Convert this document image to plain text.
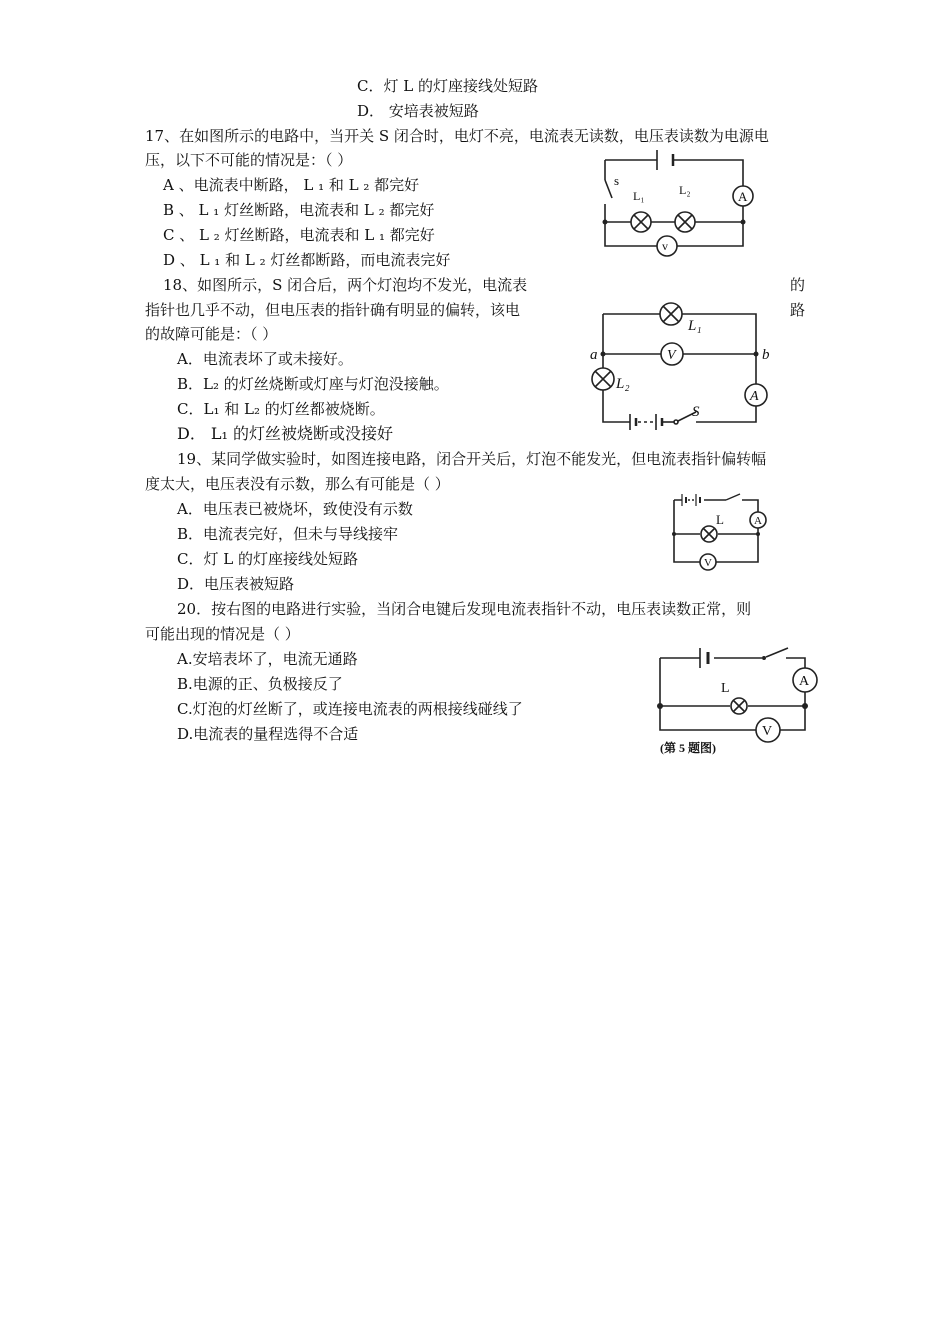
C．灯 L 的灯座接线处短路
D． 安培表被短路
17、在如图所示的电路中，当开关 S 闭合时，电灯不亮，电流表无读数，电压表读数为电源电
压，以下不可能的情况是：（ ）
A 、电流表中断路， L ₁ 和 L ₂ 都完好
B 、 L ₁ 灯丝断路，电流表和 L ₂ 都完好
C 、 L ₂ 灯丝断路，电流表和 L ₁ 都完好
D 、 L ₁ 和 L ₂ 灯丝都断路，而电流表完好
s
A
v
L₁	L₂
18、如图所示，S 闭合后，两个灯泡均不发光，电流表	的
指针也几乎不动，但电压表的指针确有明显的偏转，该电	路
的故障可能是：（ ）
A．电流表坏了或未接好。
B．L₂ 的灯丝烧断或灯座与灯泡没接触。
C．L₁ 和 L₂ 的灯丝都被烧断。
D． L₁ 的灯丝被烧断或没接好
L₁
V
a	b
L₂
A
S
19、某同学做实验时，如图连接电路，闭合开关后，灯泡不能发光，但电流表指针偏转幅
度太大，电压表没有示数，那么有可能是（ ）
A．电压表已被烧坏，致使没有示数
B．电流表完好，但未与导线接牢
C．灯 L 的灯座接线处短路
D．电压表被短路
A
L
V
20．按右图的电路进行实验，当闭合电键后发现电流表指针不动，电压表读数正常，则
可能出现的情况是（ ）
A.安培表坏了，电流无通路
B.电源的正、负极接反了
C.灯泡的灯丝断了，或连接电流表的两根接线碰线了
D.电流表的量程选得不合适
A
L
V
(第 5 题图)
